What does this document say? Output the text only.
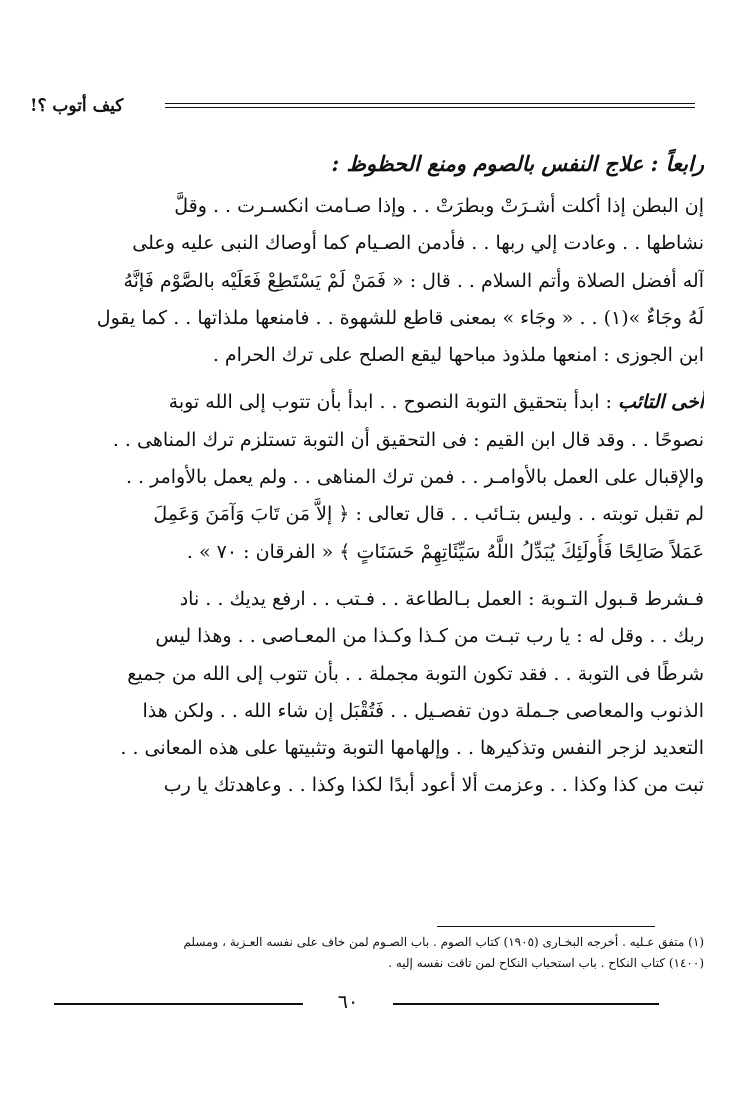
كيف أتوب ؟!
رابعاً : علاج النفس بالصوم ومنع الحظوظ :
إن البطن إذا أكلت أشـرَتْ وبطرَتْ . . وإذا صـامت انكسـرت . . وقلَّ
نشاطها . . وعادت إلي ربها . . فأدمن الصـيام كما أوصاك النبى عليه وعلى
آله أفضل الصلاة وأتم السلام . . قال : « فَمَنْ لَمْ يَسْتَطِعْ فَعَلَيْه بالصَّوْم فَإنَّهُ
لَهُ وجَاءٌ »(١) . . « وجَاء » بمعنى قاطع للشهوة . . فامنعها ملذاتها . . كما يقول
ابن الجوزى : امنعها ملذوذ مباحها ليقع الصلح على ترك الحرام .
أخى التائب : ابدأ بتحقيق التوبة النصوح . . ابدأ بأن تتوب إلى الله توبة
نصوحًا . . وقد قال ابن القيم : فى التحقيق أن التوبة تستلزم ترك المناهى . .
والإقبال على العمل بالأوامـر . . فمن ترك المناهى . . ولم يعمل بالأوامر . .
لم تقبل توبته . . وليس بتـائب . . قال تعالى : ﴿ إلاَّ مَن تَابَ وَآمَنَ وَعَمِلَ
عَمَلاً صَالِحًا فَأُولَئِكَ يُبَدِّلُ اللَّهُ سَيِّئَاتِهِمْ حَسَنَاتٍ ﴾ « الفرقان : ٧٠ » .
فـشرط قـبول التـوبة : العمل بـالطاعة . . فـتب . . ارفع يديك . . ناد
ربك . . وقل له : يا رب تبـت من كـذا وكـذا من المعـاصى . . وهذا ليس
شرطًا فى التوبة . . فقد تكون التوبة مجملة . . بأن تتوب إلى الله من جميع
الذنوب والمعاصى جـملة دون تفصـيل . . فَتُقْبَل إن شاء الله . . ولكن هذا
التعديد لزجر النفس وتذكيرها . . وإلهامها التوبة وتثبيتها على هذه المعانى . .
تبت من كذا وكذا . . وعزمت ألا أعود أبدًا لكذا وكذا . . وعاهدتك يا رب
(١) متفق عـليه . أخرجه البخـارى (١٩٠٥) كتاب الصوم . باب الصـوم لمن خاف على نفسه العـزبة ، ومسلم
(١٤٠٠) كتاب النكاح . باب استحباب النكاح لمن تاقت نفسه إليه .
٦٠
